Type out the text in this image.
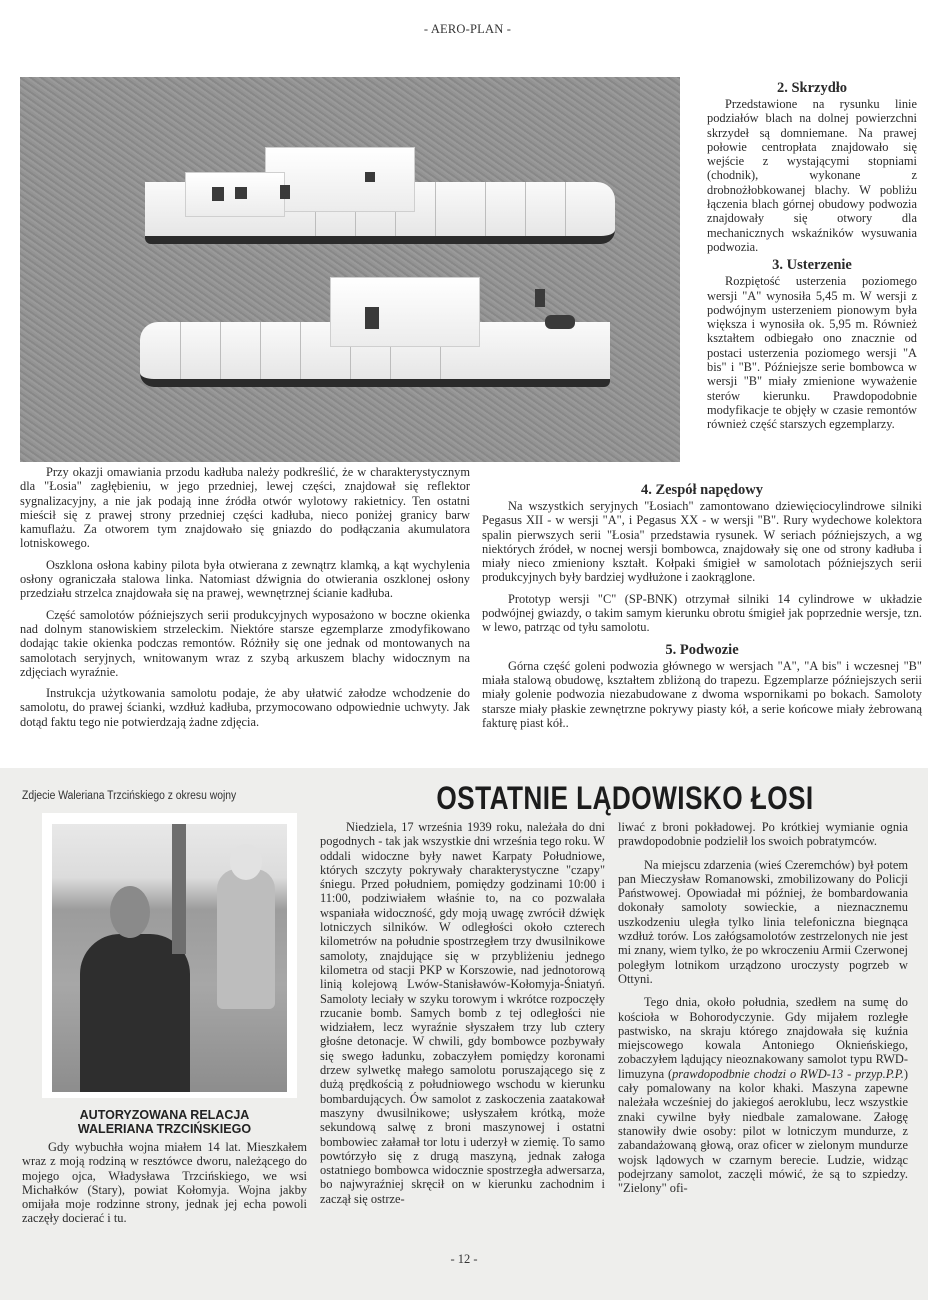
- AERO-PLAN -

Przy okazji omawiania przodu kadłuba należy podkreślić, że w charakterystycznym dla "Łosia" zagłębieniu, w jego przedniej, lewej części, znajdował się reflektor sygnalizacyjny, a nie jak podają inne źródła otwór wylotowy rakietnicy. Ten ostatni mieścił się z prawej strony przedniej części kadłuba, nieco poniżej granicy barw kamuflażu. Za otworem tym znajdowało się gniazdo do podłączania akumulatora lotniskowego.

Oszklona osłona kabiny pilota była otwierana z zewnątrz klamką, a kąt wychylenia osłony ograniczała stalowa linka. Natomiast dźwignia do otwierania oszklonej osłony przedziału strzelca znajdowała się na prawej, wewnętrznej ścianie kadłuba.

Część samolotów późniejszych serii produkcyjnych wyposażono w boczne okienka nad dolnym stanowiskiem strzeleckim. Niektóre starsze egzemplarze zmodyfikowano dodając takie okienka podczas remontów. Różniły się one jednak od montowanych na samolotach seryjnych, wnitowanym wraz z szybą arkuszem blachy widocznym na zdjęciach wyraźnie.

Instrukcja użytkowania samolotu podaje, że aby ułatwić załodze wchodzenie do samolotu, do prawej ścianki, wzdłuż kadłuba, przymocowano odpowiednie uchwyty. Jak dotąd faktu tego nie potwierdzają żadne zdjęcia.

2. Skrzydło

Przedstawione na rysunku linie podziałów blach na dolnej powierzchni skrzydeł są domniemane. Na prawej połowie centropłata znajdowało się wejście z wystającymi stopniami (chodnik), wykonane z drobnożłobkowanej blachy. W pobliżu łączenia blach górnej obudowy podwozia znajdowały się otwory dla mechanicznych wskaźników wysuwania podwozia.

3. Usterzenie

Rozpiętość usterzenia poziomego wersji "A" wynosiła 5,45 m. W wersji z podwójnym usterzeniem pionowym była większa i wynosiła ok. 5,95 m. Również kształtem odbiegało ono znacznie od postaci usterzenia poziomego wersji "A bis" i "B". Późniejsze serie bombowca w wersji "B" miały zmienione wyważenie sterów kierunku. Prawdopodobnie modyfikacje te objęły w czasie remontów również część starszych egzemplarzy.

4. Zespół napędowy

Na wszystkich seryjnych "Łosiach" zamontowano dziewięciocylindrowe silniki Pegasus XII - w wersji "A", i Pegasus XX - w wersji "B". Rury wydechowe kolektora spalin pierwszych serii "Łosia" przedstawia rysunek. W seriach późniejszych, a wg niektórych źródeł, w nocnej wersji bombowca, znajdowały się one od strony kadłuba i miały nieco zmieniony kształt. Kołpaki śmigieł w samolotach późniejszych serii produkcyjnych były bardziej wydłużone i zaokrąglone.

Prototyp wersji "C" (SP-BNK) otrzymał silniki 14 cylindrowe w układzie podwójnej gwiazdy, o takim samym kierunku obrotu śmigieł jak poprzednie wersje, tzn. w lewo, patrząc od tyłu samolotu.

5. Podwozie

Górna część goleni podwozia głównego w wersjach "A", "A bis" i wczesnej "B" miała stalową obudowę, kształtem zbliżoną do trapezu. Egzemplarze późniejszych serii miały golenie podwozia niezabudowane z dwoma wspornikami po bokach. Samoloty starsze miały płaskie zewnętrzne pokrywy piasty kół, a serie końcowe miały żebrowaną fakturę piast kół..

Zdjecie Waleriana Trzcińskiego z okresu wojny	OSTATNIE LĄDOWISKO ŁOSI
AUTORYZOWANA RELACJA
WALERIANA TRZCIŃSKIEGO

Gdy wybuchła wojna miałem 14 lat. Mieszkałem wraz z moją rodziną w resztówce dworu, należącego do mojego ojca, Władysława Trzcińskiego, we wsi Michałków (Stary), powiat Kołomyja. Wojna jakby omijała moje rodzinne strony, jednak jej echa powoli zaczęły docierać i tu.

Niedziela, 17 września 1939 roku, należała do dni pogodnych - tak jak wszystkie dni września tego roku. W oddali widoczne były nawet Karpaty Południowe, których szczyty pokrywały charakterystyczne "czapy" śniegu. Przed południem, pomiędzy godzinami 10:00 i 11:00, podziwiałem właśnie to, na co pozwalała wspaniała widoczność, gdy moją uwagę zwrócił dźwięk lotniczych silników. W odległości około czterech kilometrów na południe spostrzegłem trzy dwusilnikowe samoloty, znajdujące się w przybliżeniu jednego kilometra od stacji PKP w Korszowie, nad jednotorową linią kolejową Lwów-Stanisławów-Kołomyja-Śniatyń. Samoloty leciały w szyku torowym i wkrótce rozpoczęły rzucanie bomb. Samych bomb z tej odległości nie widziałem, lecz wyraźnie słyszałem trzy lub cztery głośne detonacje. W chwili, gdy bombowce pozbywały się swego ładunku, zobaczyłem pomiędzy koronami drzew sylwetkę małego samolotu poruszającego się z dużą prędkością z południowego wschodu w kierunku bombardujących. Ów samolot z zaskoczenia zaatakował maszyny dwusilnikowe; usłyszałem krótką, może sekundową salwę z broni maszynowej i ostatni bombowiec załamał tor lotu i uderzył w ziemię. To samo powtórzyło się z drugą maszyną, jednak załoga ostatniego bombowca widocznie spostrzegła adwersarza, bo najwyraźniej skręcił on w kierunku zachodnim i zaczął się ostrze-

liwać z broni pokładowej. Po krótkiej wymianie ognia prawdopodobnie podzielił los swoich pobratymców.

Na miejscu zdarzenia (wieś Czeremchów) był potem pan Mieczysław Romanowski, zmobilizowany do Policji Państwowej. Opowiadał mi później, że bombardowania dokonały samoloty sowieckie, a nieznacznemu uszkodzeniu uległa tylko linia telefoniczna biegnąca wzdłuż torów. Los załógsamolotów zestrzelonych nie jest mi znany, wiem tylko, że po wkroczeniu Armii Czerwonej poległym lotnikom urządzono uroczysty pogrzeb w Ottyni.

Tego dnia, około południa, szedłem na sumę do kościoła w Bohorodyczynie. Gdy mijałem rozległe pastwisko, na skraju którego znajdowała się kuźnia miejscowego kowala Antoniego Oknieńskiego, zobaczyłem lądujący nieoznakowany samolot typu RWD-limuzyna (prawdopodbnie chodzi o RWD-13 - przyp.P.P.) cały pomalowany na kolor khaki. Maszyna zapewne należała wcześniej do jakiegoś aeroklubu, lecz wszystkie znaki cywilne były niedbale zamalowane. Załogę stanowiły dwie osoby: pilot w lotniczym mundurze, z zabandażowaną głową, oraz oficer w zielonym mundurze wojsk lądowych w czarnym berecie. Ludzie, widząc podejrzany samolot, zaczęli mówić, że są to szpiedzy. "Zielony" ofi-

- 12 -
